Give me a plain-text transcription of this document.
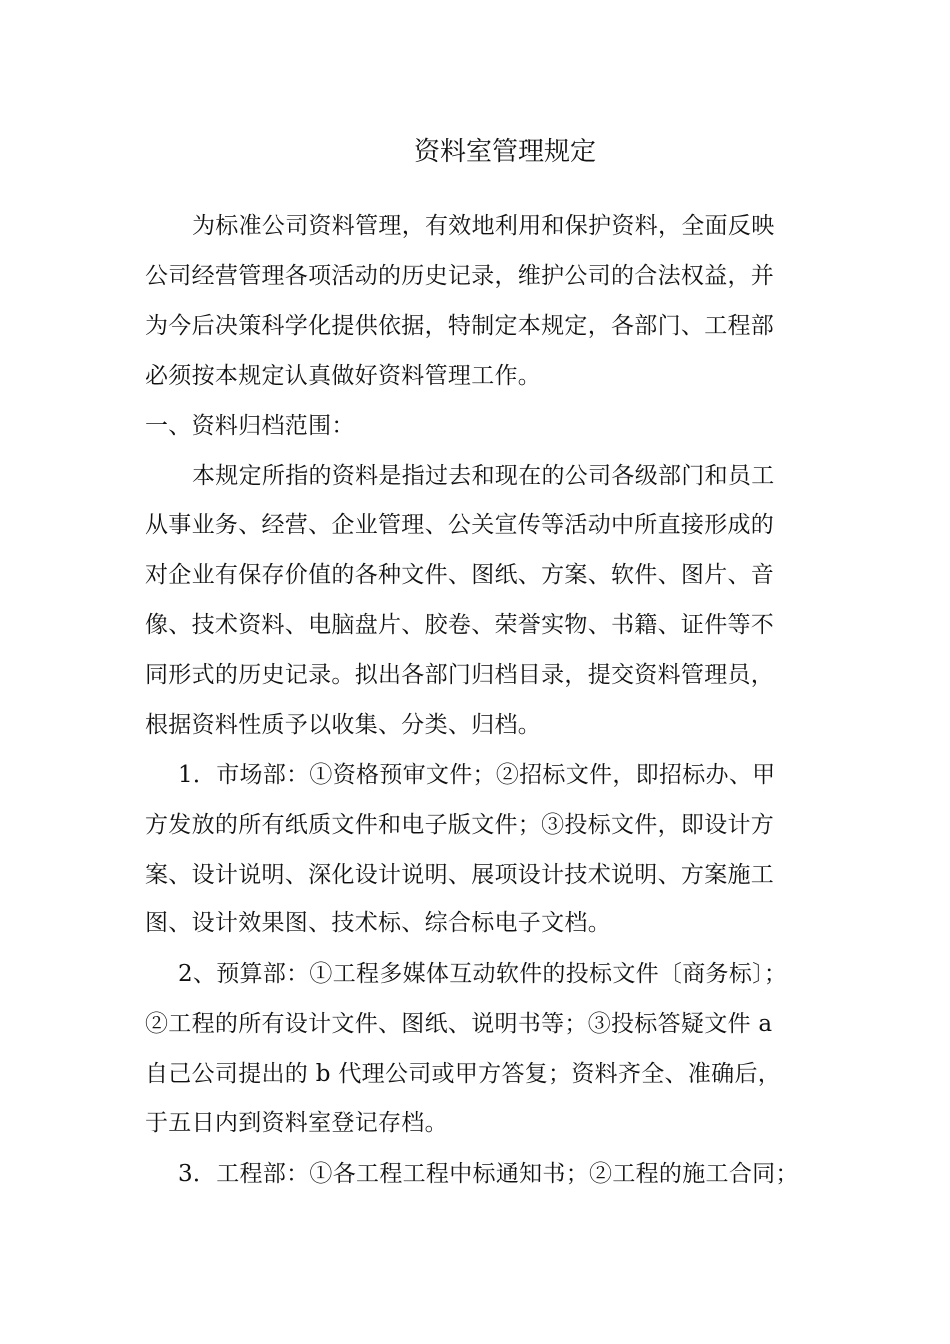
资料室管理规定
为标准公司资料管理，有效地利用和保护资料，全面反映
公司经营管理各项活动的历史记录，维护公司的合法权益，并
为今后决策科学化提供依据，特制定本规定，各部门、工程部
必须按本规定认真做好资料管理工作。
一、资料归档范围：
本规定所指的资料是指过去和现在的公司各级部门和员工
从事业务、经营、企业管理、公关宣传等活动中所直接形成的
对企业有保存价值的各种文件、图纸、方案、软件、图片、音
像、技术资料、电脑盘片、胶卷、荣誉实物、书籍、证件等不
同形式的历史记录。拟出各部门归档目录，提交资料管理员，
根据资料性质予以收集、分类、归档。
1．市场部：①资格预审文件；②招标文件，即招标办、甲
方发放的所有纸质文件和电子版文件；③投标文件，即设计方
案、设计说明、深化设计说明、展项设计技术说明、方案施工
图、设计效果图、技术标、综合标电子文档。
2、预算部：①工程多媒体互动软件的投标文件〔商务标〕；
②工程的所有设计文件、图纸、说明书等；③投标答疑文件 a
自己公司提出的 b 代理公司或甲方答复；资料齐全、准确后，
于五日内到资料室登记存档。
3．工程部：①各工程工程中标通知书；②工程的施工合同；
